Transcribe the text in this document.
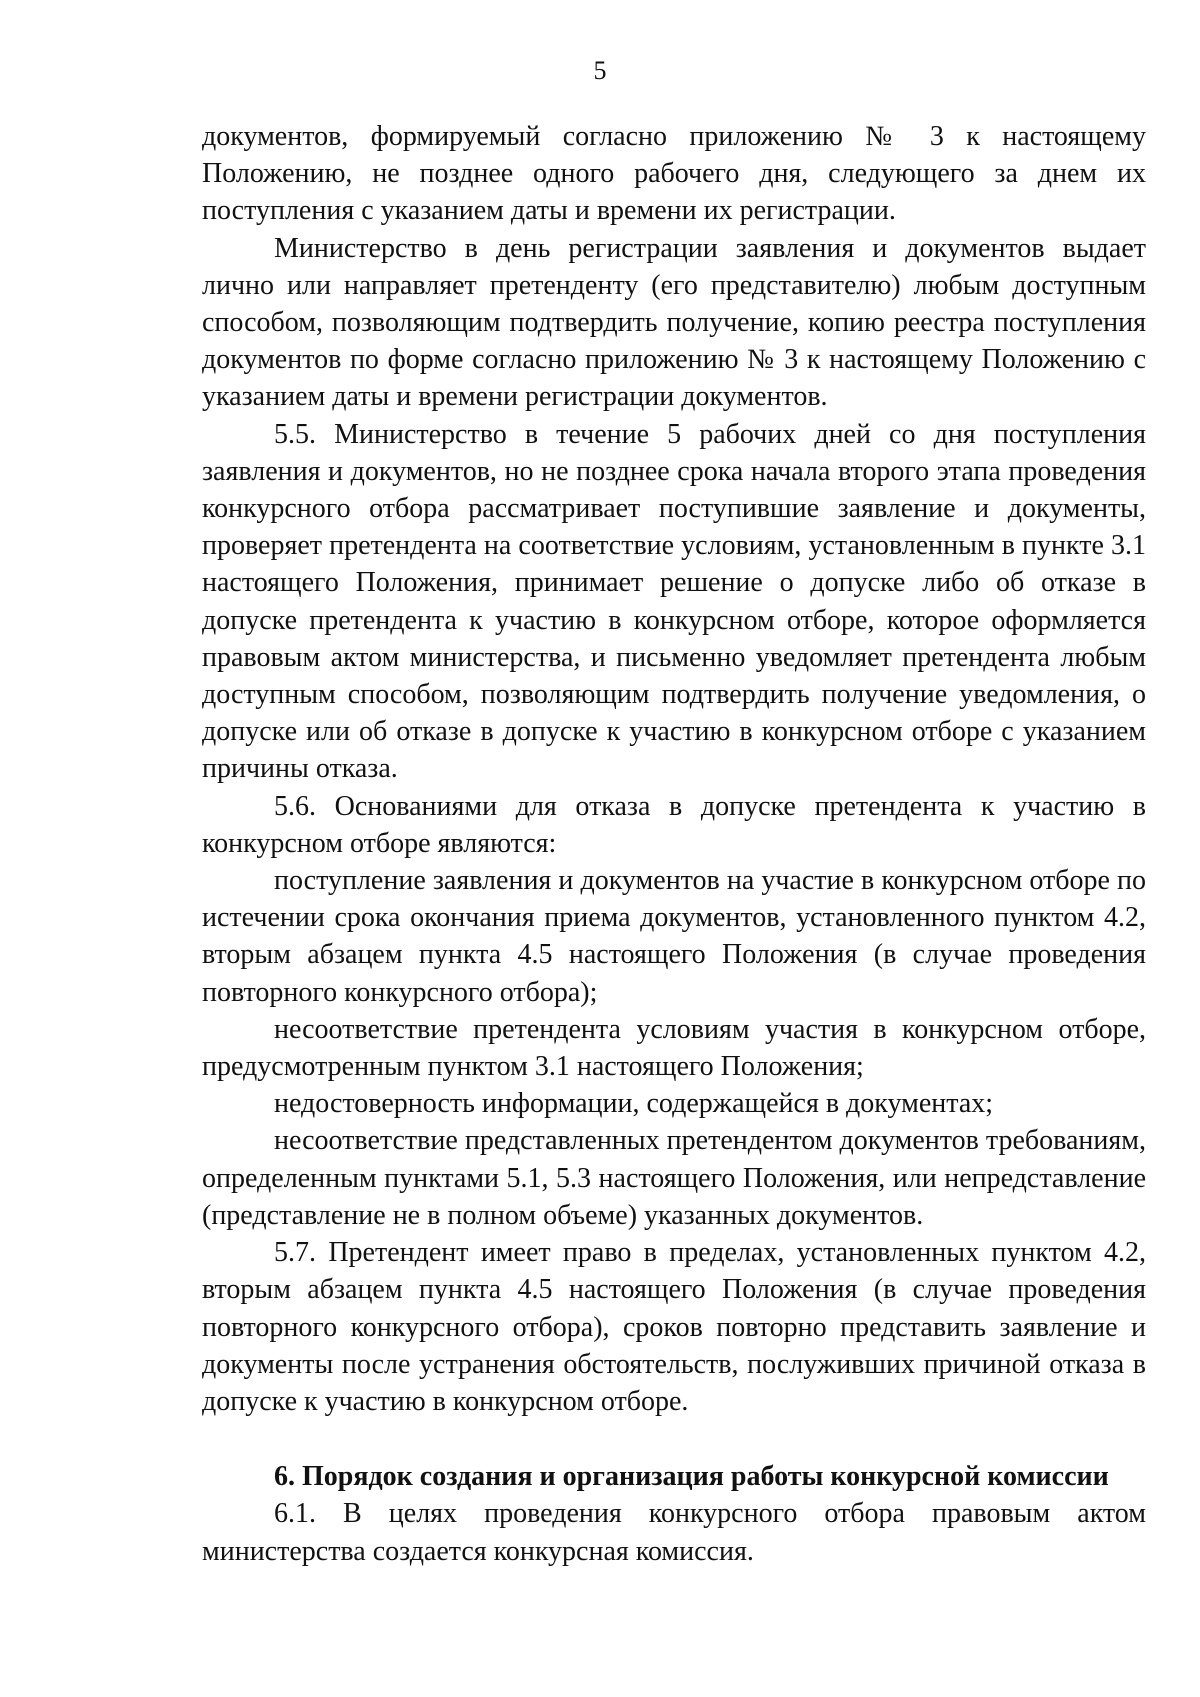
5

документов, формируемый согласно приложению № 3 к настоящему Положению, не позднее одного рабочего дня, следующего за днем их поступления с указанием даты и времени их регистрации.

Министерство в день регистрации заявления и документов выдает лично или направляет претенденту (его представителю) любым доступным способом, позволяющим подтвердить получение, копию реестра поступления документов по форме согласно приложению № 3 к настоящему Положению с указанием даты и времени регистрации документов.

5.5. Министерство в течение 5 рабочих дней со дня поступления заявления и документов, но не позднее срока начала второго этапа проведения конкурсного отбора рассматривает поступившие заявление и документы, проверяет претендента на соответствие условиям, установленным в пункте 3.1 настоящего Положения, принимает решение о допуске либо об отказе в допуске претендента к участию в конкурсном отборе, которое оформляется правовым актом министерства, и письменно уведомляет претендента любым доступным способом, позволяющим подтвердить получение уведомления, о допуске или об отказе в допуске к участию в конкурсном отборе с указанием причины отказа.

5.6. Основаниями для отказа в допуске претендента к участию в конкурсном отборе являются:

поступление заявления и документов на участие в конкурсном отборе по истечении срока окончания приема документов, установленного пунктом 4.2, вторым абзацем пункта 4.5 настоящего Положения (в случае проведения повторного конкурсного отбора);

несоответствие претендента условиям участия в конкурсном отборе, предусмотренным пунктом 3.1 настоящего Положения;

недостоверность информации, содержащейся в документах;

несоответствие представленных претендентом документов требованиям, определенным пунктами 5.1, 5.3 настоящего Положения, или непредставление (представление не в полном объеме) указанных документов.

5.7. Претендент имеет право в пределах, установленных пунктом 4.2, вторым абзацем пункта 4.5 настоящего Положения (в случае проведения повторного конкурсного отбора), сроков повторно представить заявление и документы после устранения обстоятельств, послуживших причиной отказа в допуске к участию в конкурсном отборе.

6. Порядок создания и организация работы конкурсной комиссии

6.1. В целях проведения конкурсного отбора правовым актом министерства создается конкурсная комиссия.
